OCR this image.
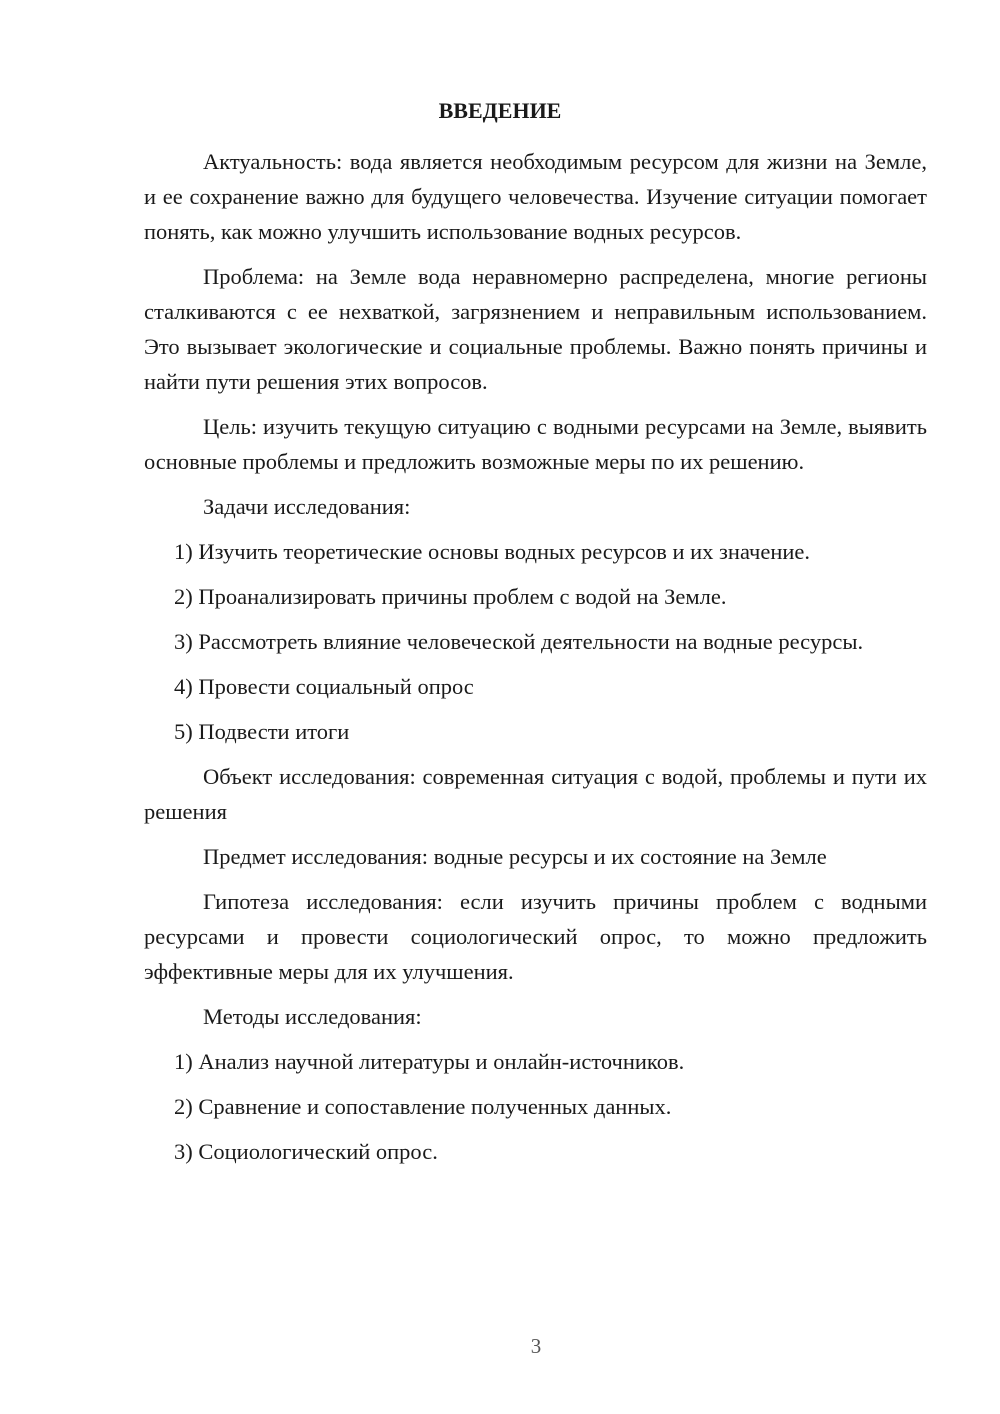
ВВЕДЕНИЕ

Актуальность: вода является необходимым ресурсом для жизни на Земле, и ее сохранение важно для будущего человечества. Изучение ситуации помогает понять, как можно улучшить использование водных ресурсов.

Проблема: на Земле вода неравномерно распределена, многие регионы сталкиваются с ее нехваткой, загрязнением и неправильным использованием. Это вызывает экологические и социальные проблемы. Важно понять причины и найти пути решения этих вопросов.

Цель: изучить текущую ситуацию с водными ресурсами на Земле, выявить основные проблемы и предложить возможные меры по их решению.

Задачи исследования:

1) Изучить теоретические основы водных ресурсов и их значение.

2) Проанализировать причины проблем с водой на Земле.

3) Рассмотреть влияние человеческой деятельности на водные ресурсы.

4) Провести социальный опрос

5) Подвести итоги

Объект исследования: современная ситуация с водой, проблемы и пути их решения

Предмет исследования: водные ресурсы и их состояние на Земле

Гипотеза исследования: если изучить причины проблем с водными ресурсами и провести социологический опрос, то можно предложить эффективные меры для их улучшения.

Методы исследования:

1) Анализ научной литературы и онлайн-источников.

2) Сравнение и сопоставление полученных данных.

3) Социологический опрос.

3
